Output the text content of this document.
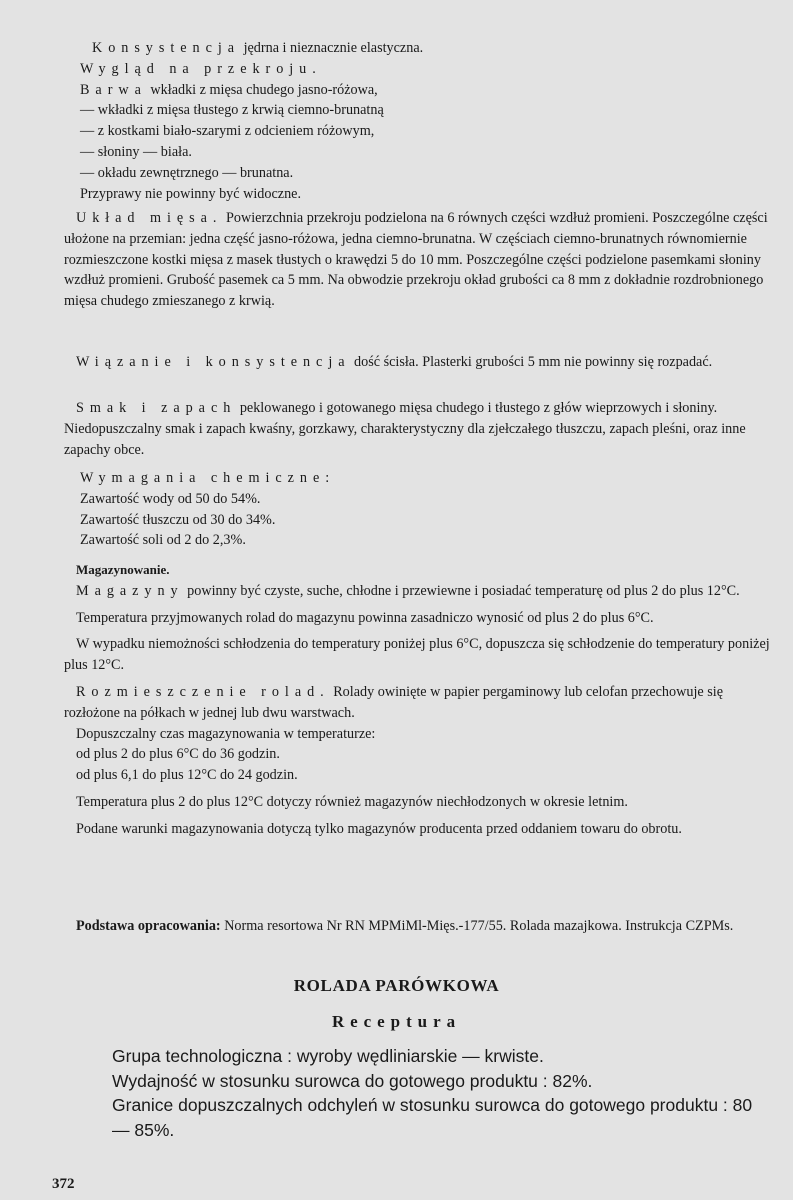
Konsystencja jędrna i nieznacznie elastyczna.

Wygląd na przekroju.

Barwa wkładki z mięsa chudego jasno-różowa,

— wkładki z mięsa tłustego z krwią ciemno-brunatną

— z kostkami biało-szarymi z odcieniem różowym,

— słoniny — biała.

— okładu zewnętrznego — brunatna.

Przyprawy nie powinny być widoczne.

Układ mięsa. Powierzchnia przekroju podzielona na 6 równych części wzdłuż promieni. Poszczególne części ułożone na przemian: jedna część jasno-różowa, jedna ciemno-brunatna. W częściach ciemno-brunatnych równomiernie rozmieszczone kostki mięsa z masek tłustych o krawędzi 5 do 10 mm. Poszczególne części podzielone pasemkami słoniny wzdłuż promieni. Grubość pasemek ca 5 mm. Na obwodzie przekroju okład grubości ca 8 mm z dokładnie rozdrobnionego mięsa chudego zmieszanego z krwią.

Wiązanie i konsystencja dość ścisła. Plasterki grubości 5 mm nie powinny się rozpadać.

Smak i zapach peklowanego i gotowanego mięsa chudego i tłustego z głów wieprzowych i słoniny. Niedopuszczalny smak i zapach kwaśny, gorzkawy, charakterystyczny dla zjełczałego tłuszczu, zapach pleśni, oraz inne zapachy obce.

Wymagania chemiczne:

Zawartość wody od 50 do 54%.

Zawartość tłuszczu od 30 do 34%.

Zawartość soli od 2 do 2,3%.

Magazynowanie.

Magazyny powinny być czyste, suche, chłodne i przewiewne i posiadać temperaturę od plus 2 do plus 12°C.

Temperatura przyjmowanych rolad do magazynu powinna zasadniczo wynosić od plus 2 do plus 6°C.

W wypadku niemożności schłodzenia do temperatury poniżej plus 6°C, dopuszcza się schłodzenie do temperatury poniżej plus 12°C.

Rozmieszczenie rolad. Rolady owinięte w papier pergaminowy lub celofan przechowuje się rozłożone na półkach w jednej lub dwu warstwach.

Dopuszczalny czas magazynowania w temperaturze:

od plus 2 do plus 6°C do 36 godzin.

od plus 6,1 do plus 12°C do 24 godzin.

Temperatura plus 2 do plus 12°C dotyczy również magazynów niechłodzonych w okresie letnim.

Podane warunki magazynowania dotyczą tylko magazynów producenta przed oddaniem towaru do obrotu.

Podstawa opracowania: Norma resortowa Nr RN MPMiMl-Mięs.-177/55. Rolada mazajkowa. Instrukcja CZPMs.

ROLADA PARÓWKOWA
Receptura

Grupa technologiczna : wyroby wędliniarskie — krwiste.

Wydajność w stosunku surowca do gotowego produktu : 82%.

Granice dopuszczalnych odchyleń w stosunku surowca do gotowego produktu : 80 — 85%.

372
